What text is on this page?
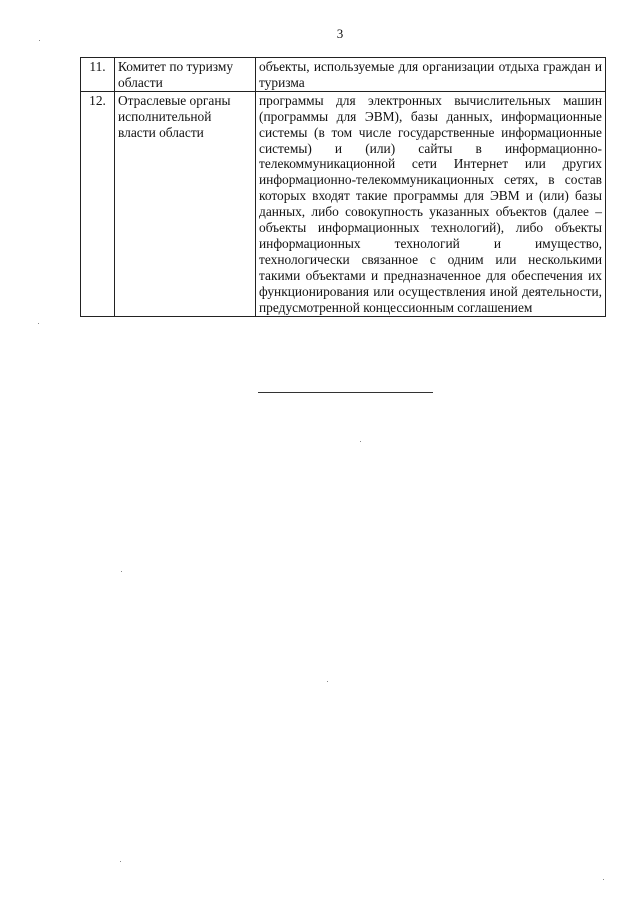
3
11.	Комитет по туризму области	объекты, используемые для организации отдыха граждан и туризма
12.	Отраслевые органы исполнительной власти области	программы для электронных вычислительных машин (программы для ЭВМ), базы данных, информационные системы (в том числе государственные информационные системы) и (или) сайты в информационно-телекоммуникационной сети Интернет или других информационно-телекоммуникационных сетях, в состав которых входят такие программы для ЭВМ и (или) базы данных, либо совокупность указанных объектов (далее – объекты информационных технологий), либо объекты информационных технологий и имущество, технологически связанное с одним или несколькими такими объектами и предназначенное для обеспечения их функционирования или осуществления иной деятельности, предусмотренной концессионным соглашением
